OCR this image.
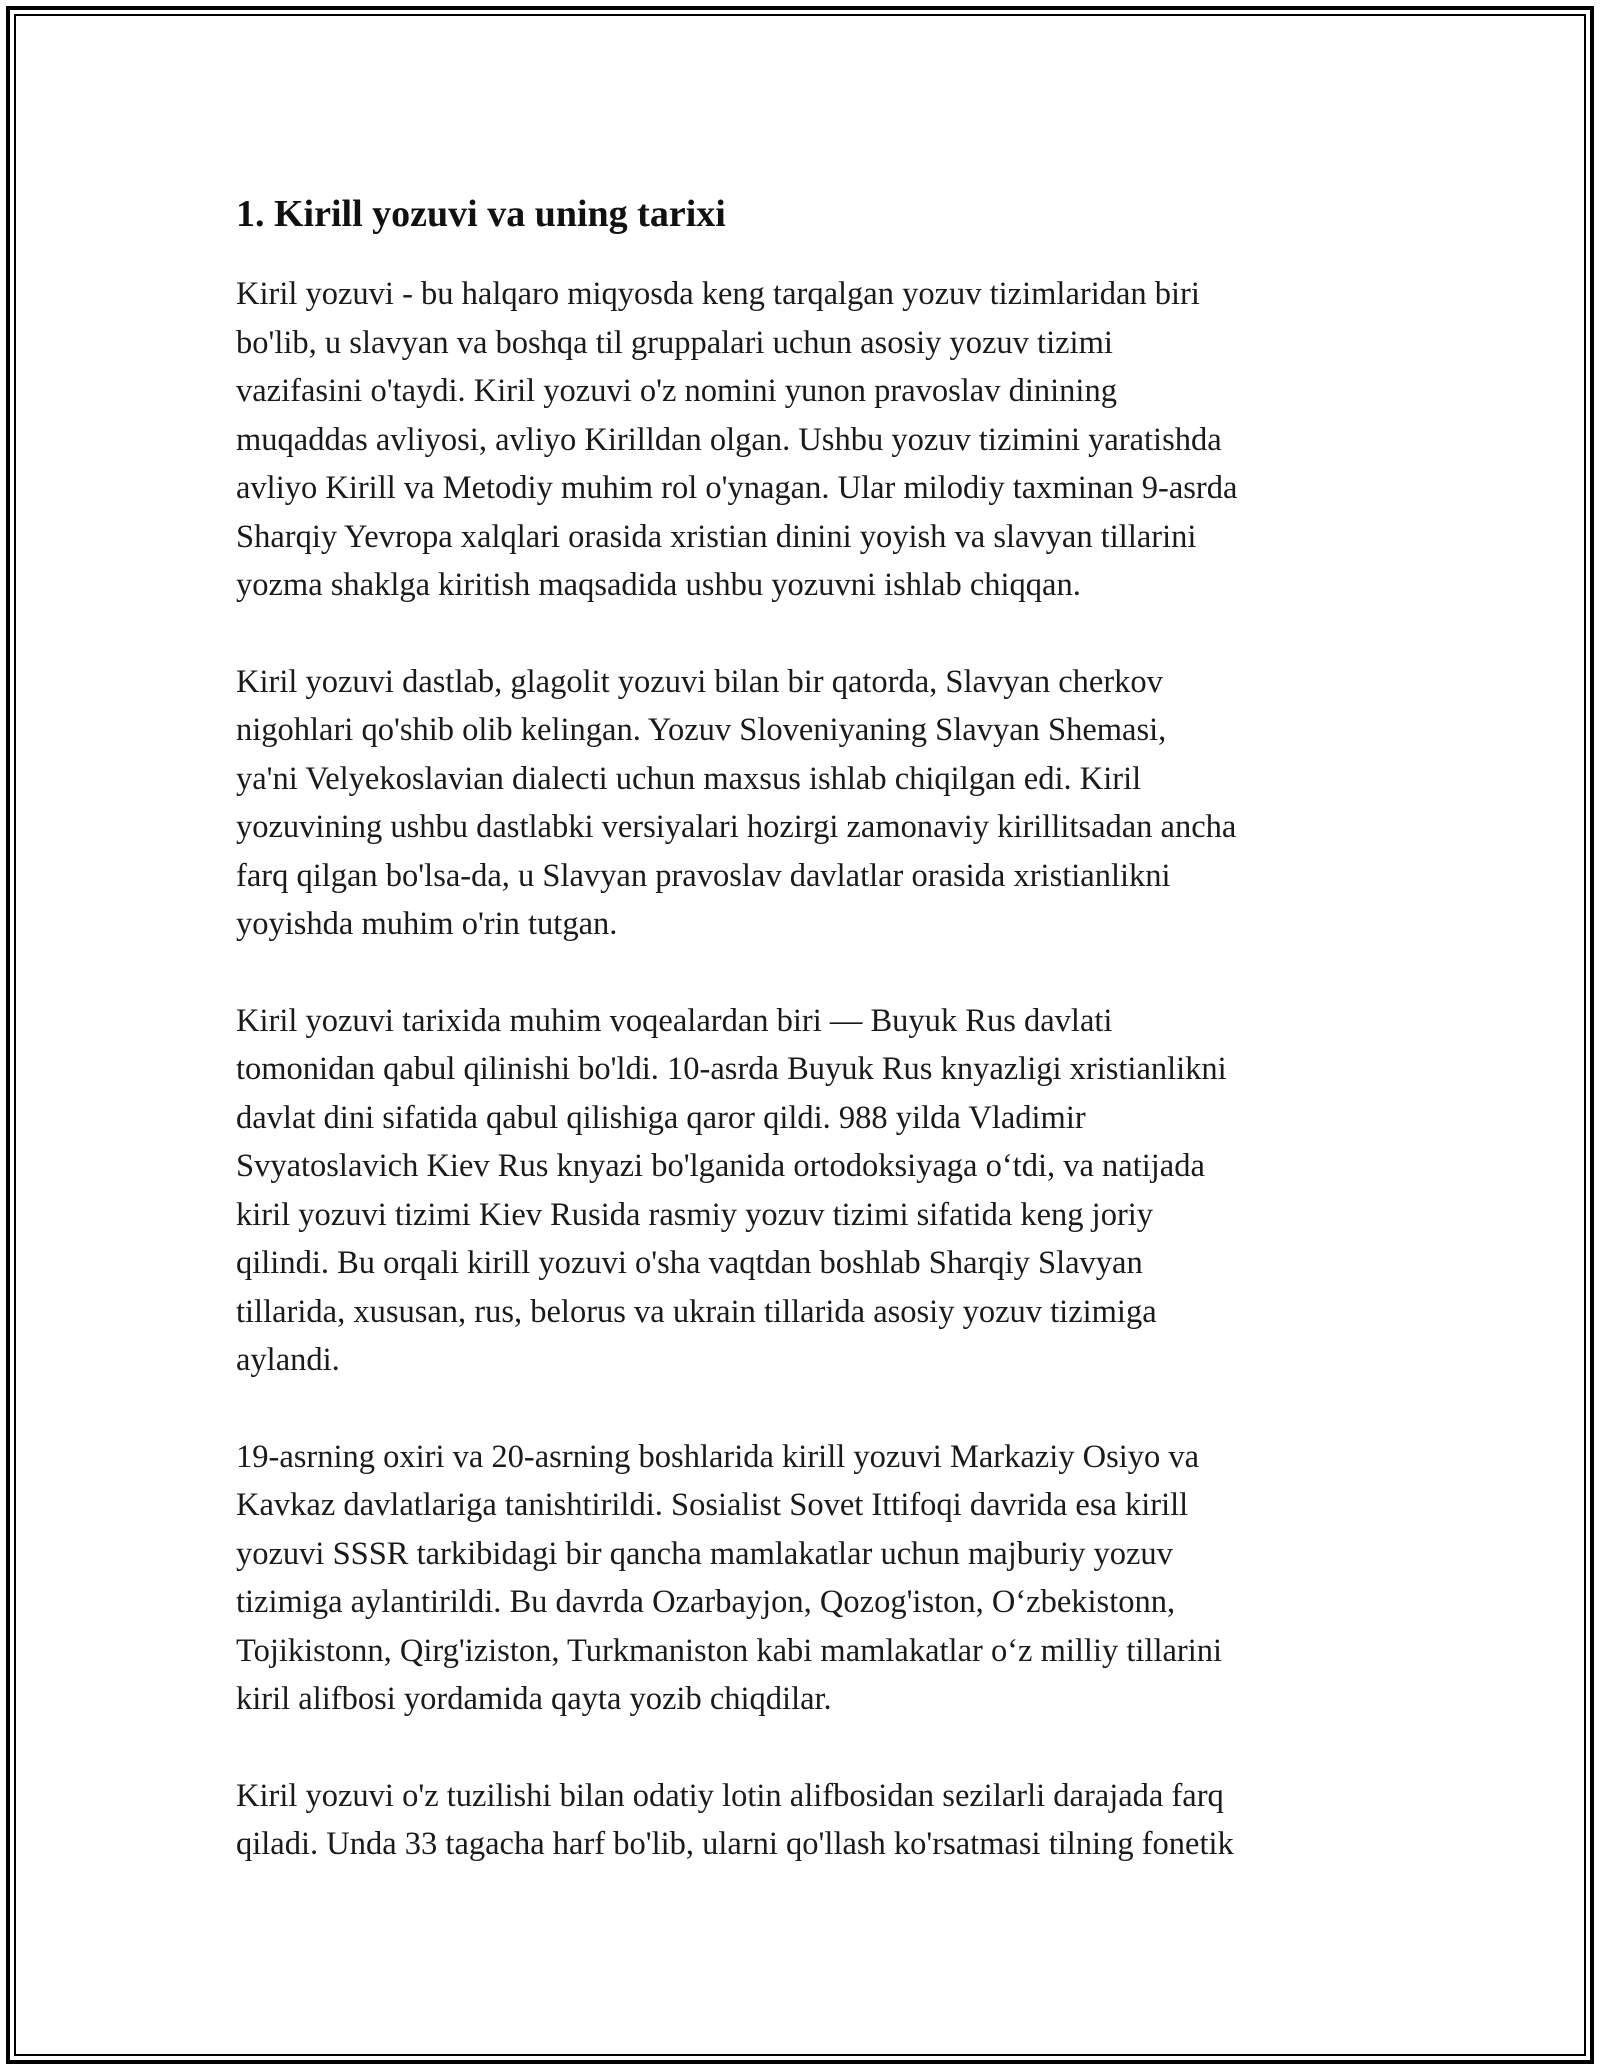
1. Kirill yozuvi va uning tarixi
Kiril yozuvi - bu halqaro miqyosda keng tarqalgan yozuv tizimlaridan biri
bo'lib, u slavyan va boshqa til gruppalari uchun asosiy yozuv tizimi
vazifasini o'taydi. Kiril yozuvi o'z nomini yunon pravoslav dinining
muqaddas avliyosi, avliyo Kirilldan olgan. Ushbu yozuv tizimini yaratishda
avliyo Kirill va Metodiy muhim rol o'ynagan. Ular milodiy taxminan 9-asrda
Sharqiy Yevropa xalqlari orasida xristian dinini yoyish va slavyan tillarini
yozma shaklga kiritish maqsadida ushbu yozuvni ishlab chiqqan.
Kiril yozuvi dastlab, glagolit yozuvi bilan bir qatorda, Slavyan cherkov
nigohlari qo'shib olib kelingan. Yozuv Sloveniyaning Slavyan Shemasi,
ya'ni Velyekoslavian dialecti uchun maxsus ishlab chiqilgan edi. Kiril
yozuvining ushbu dastlabki versiyalari hozirgi zamonaviy kirillitsadan ancha
farq qilgan bo'lsa-da, u Slavyan pravoslav davlatlar orasida xristianlikni
yoyishda muhim o'rin tutgan.
Kiril yozuvi tarixida muhim voqealardan biri — Buyuk Rus davlati
tomonidan qabul qilinishi bo'ldi. 10-asrda Buyuk Rus knyazligi xristianlikni
davlat dini sifatida qabul qilishiga qaror qildi. 988 yilda Vladimir
Svyatoslavich Kiev Rus knyazi bo'lganida ortodoksiyaga o‘tdi, va natijada
kiril yozuvi tizimi Kiev Rusida rasmiy yozuv tizimi sifatida keng joriy
qilindi. Bu orqali kirill yozuvi o'sha vaqtdan boshlab Sharqiy Slavyan
tillarida, xususan, rus, belorus va ukrain tillarida asosiy yozuv tizimiga
aylandi.
19-asrning oxiri va 20-asrning boshlarida kirill yozuvi Markaziy Osiyo va
Kavkaz davlatlariga tanishtirildi. Sosialist Sovet Ittifoqi davrida esa kirill
yozuvi SSSR tarkibidagi bir qancha mamlakatlar uchun majburiy yozuv
tizimiga aylantirildi. Bu davrda Ozarbayjon, Qozog'iston, O‘zbekistonn,
Tojikistonn, Qirg'iziston, Turkmaniston kabi mamlakatlar o‘z milliy tillarini
kiril alifbosi yordamida qayta yozib chiqdilar.
Kiril yozuvi o'z tuzilishi bilan odatiy lotin alifbosidan sezilarli darajada farq
qiladi. Unda 33 tagacha harf bo'lib, ularni qo'llash ko'rsatmasi tilning fonetik
